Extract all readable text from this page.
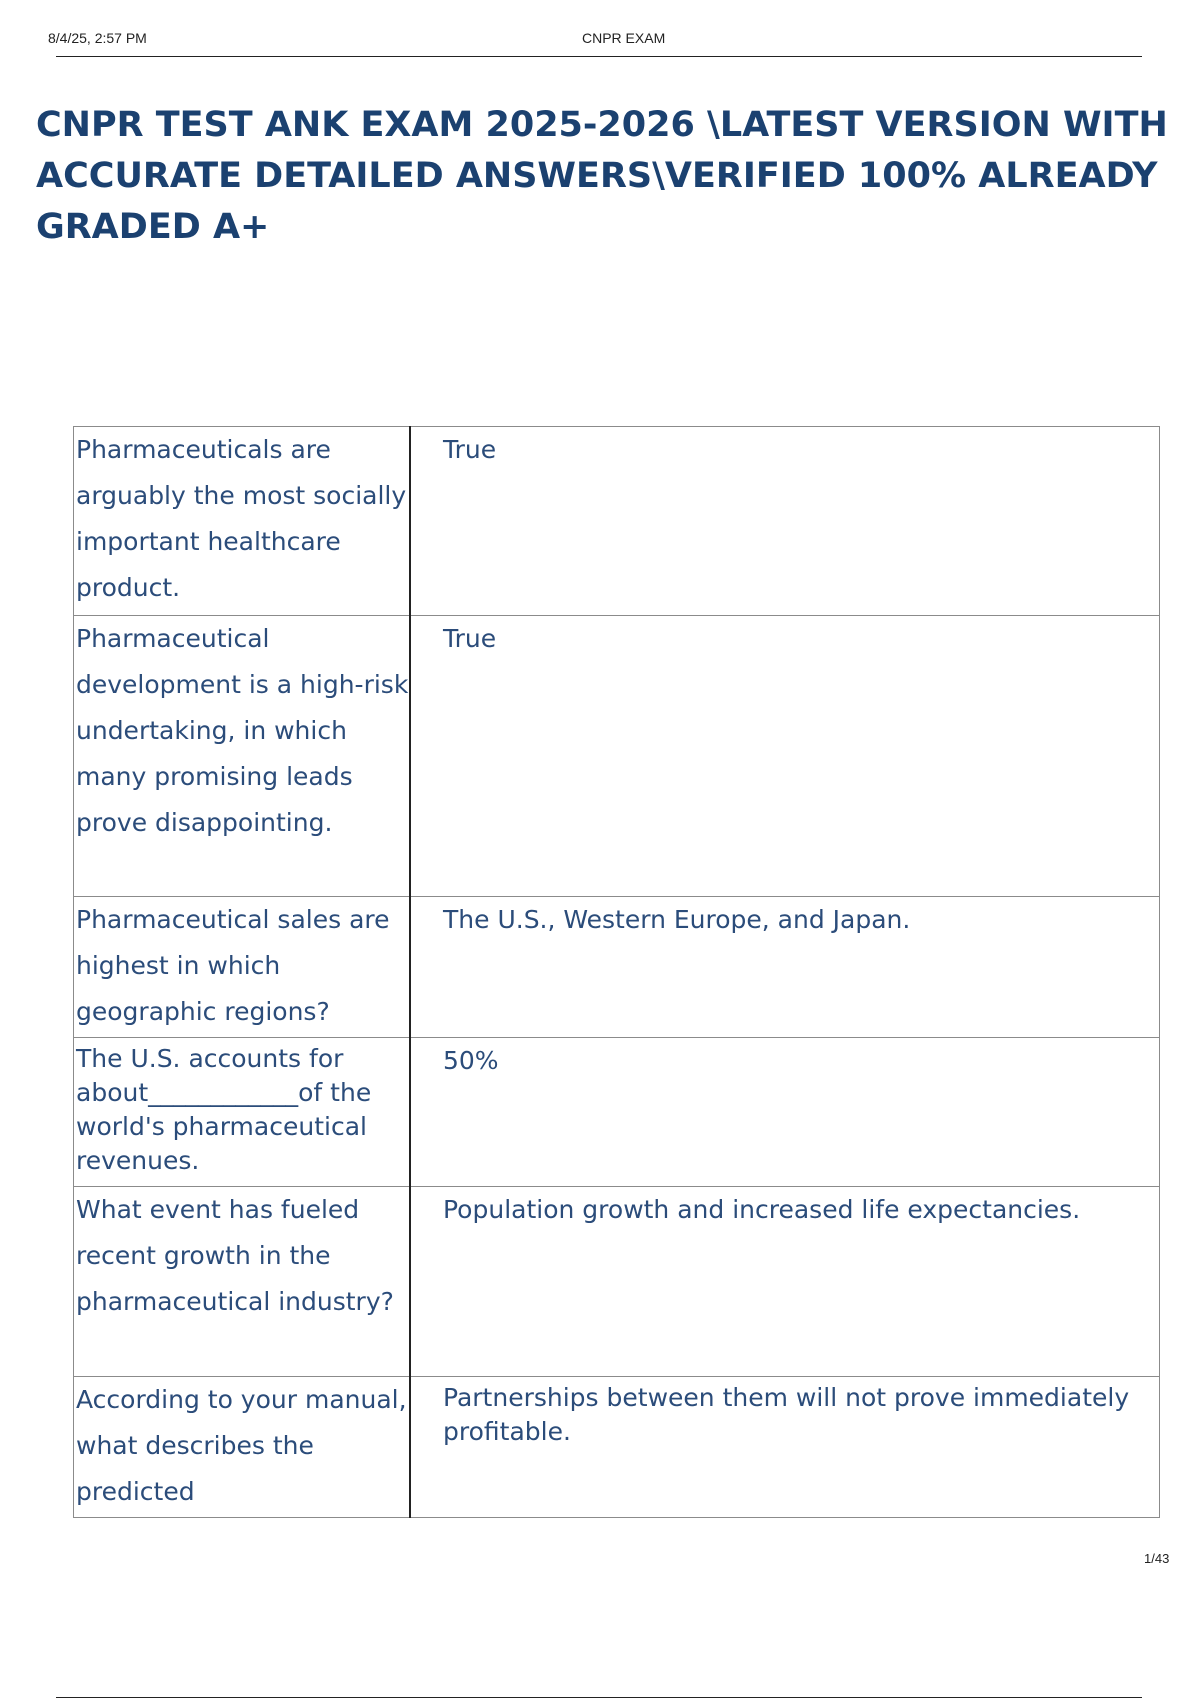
8/4/25, 2:57 PM	CNPR EXAM
CNPR TEST ANK EXAM 2025-2026 \LATEST VERSION WITH ACCURATE DETAILED ANSWERS\VERIFIED 100% ALREADY GRADED A+
Pharmaceuticals are arguably the most socially important healthcare product.	True
Pharmaceutical development is a high-risk undertaking, in which many promising leads prove disappointing.	True
Pharmaceutical sales are highest in which geographic regions?	The U.S., Western Europe, and Japan.
The U.S. accounts for about____________of the world's pharmaceutical revenues.	50%
What event has fueled recent growth in the pharmaceutical industry?	Population growth and increased life expectancies.
According to your manual, what describes the predicted	Partnerships between them will not prove immediately profitable.
1/43
